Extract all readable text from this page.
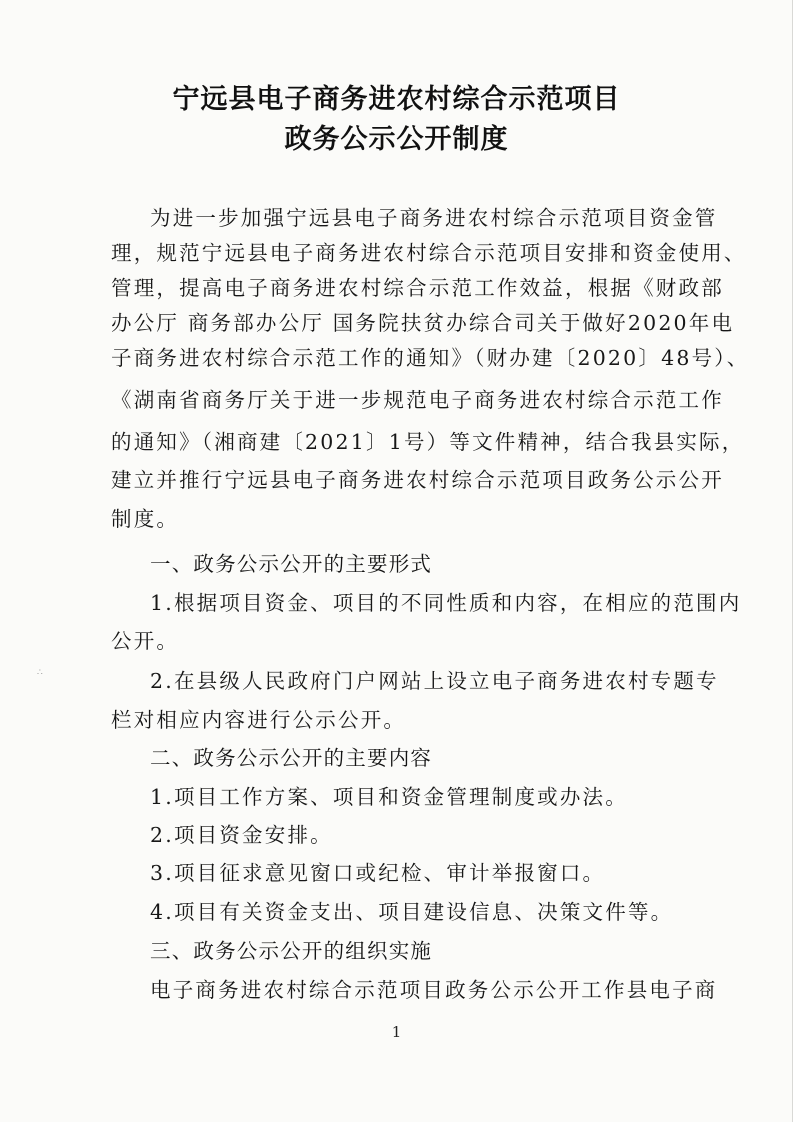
宁远县电子商务进农村综合示范项目
政务公示公开制度
为进一步加强宁远县电子商务进农村综合示范项目资金管
理，规范宁远县电子商务进农村综合示范项目安排和资金使用、
管理，提高电子商务进农村综合示范工作效益，根据《财政部
办公厅 商务部办公厅 国务院扶贫办综合司关于做好2020年电
子商务进农村综合示范工作的通知》（财办建〔2020〕48号）、
《湖南省商务厅关于进一步规范电子商务进农村综合示范工作
的通知》（湘商建〔2021〕1号）等文件精神，结合我县实际，
建立并推行宁远县电子商务进农村综合示范项目政务公示公开
制度。
一、政务公示公开的主要形式
1.根据项目资金、项目的不同性质和内容，在相应的范围内
公开。
2.在县级人民政府门户网站上设立电子商务进农村专题专
栏对相应内容进行公示公开。
二、政务公示公开的主要内容
1.项目工作方案、项目和资金管理制度或办法。
2.项目资金安排。
3.项目征求意见窗口或纪检、审计举报窗口。
4.项目有关资金支出、项目建设信息、决策文件等。
三、政务公示公开的组织实施
电子商务进农村综合示范项目政务公示公开工作县电子商
1
∴
